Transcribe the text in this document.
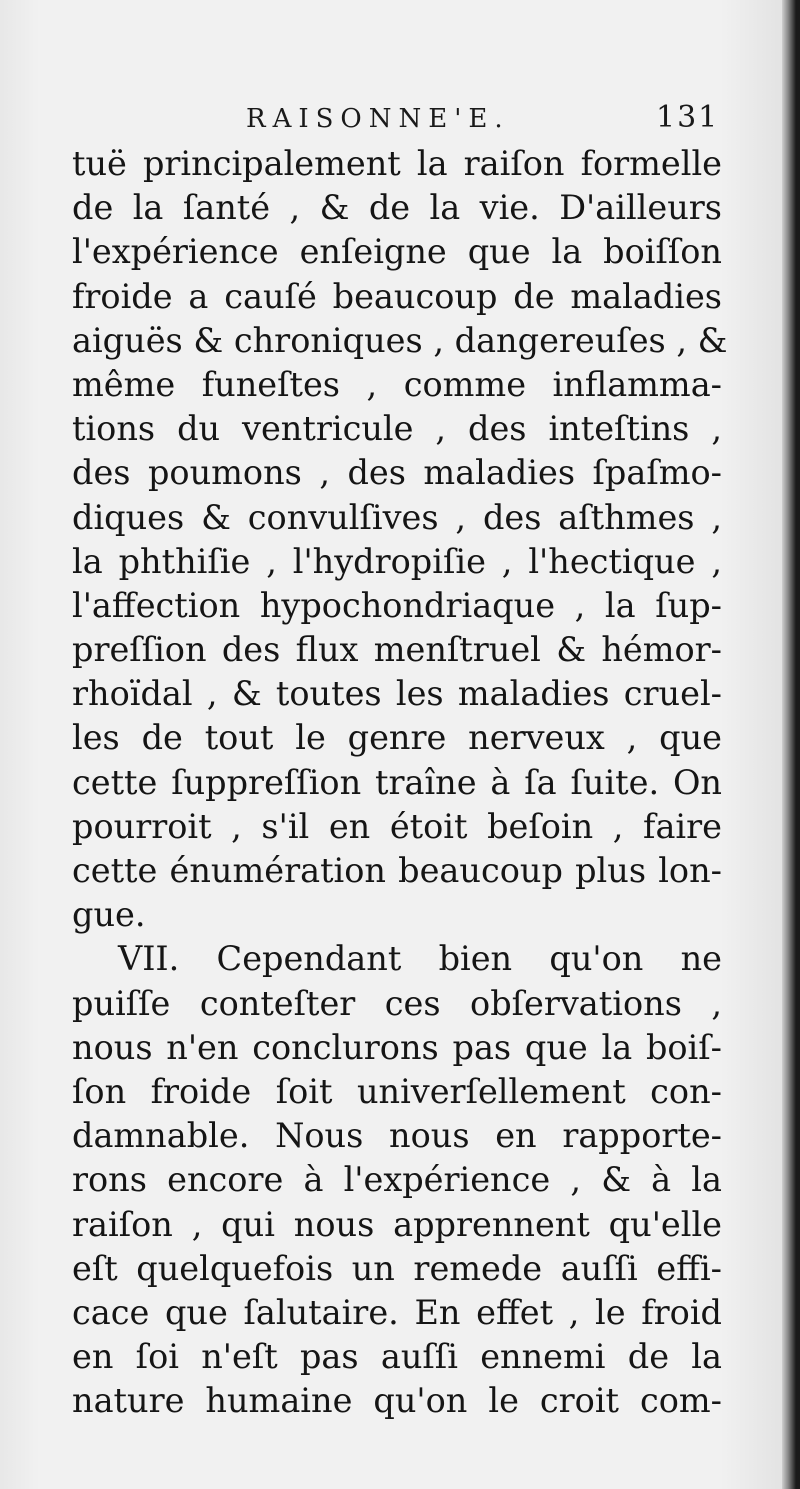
RAISONNE'E.	131
tuë principalement la raiſon formelle
de la ſanté , & de la vie. D'ailleurs
l'expérience enſeigne que la boiſſon
froide a cauſé beaucoup de maladies
aiguës & chroniques , dangereuſes , &
même funeſtes , comme inflamma-
tions du ventricule , des inteſtins ,
des poumons , des maladies ſpaſmo-
diques & convulſives , des aſthmes ,
la phthiſie , l'hydropiſie , l'hectique ,
l'affection hypochondriaque , la ſup-
preſſion des flux menſtruel & hémor-
rhoïdal , & toutes les maladies cruel-
les de tout le genre nerveux , que
cette ſuppreſſion traîne à ſa ſuite. On
pourroit , s'il en étoit beſoin , faire
cette énumération beaucoup plus lon-
gue.
VII. Cependant bien qu'on ne
puiſſe conteſter ces obſervations ,
nous n'en conclurons pas que la boiſ-
ſon froide ſoit univerſellement con-
damnable. Nous nous en rapporte-
rons encore à l'expérience , & à la
raiſon , qui nous apprennent qu'elle
eſt quelquefois un remede auſſi effi-
cace que ſalutaire. En effet , le froid
en ſoi n'eſt pas auſſi ennemi de la
nature humaine qu'on le croit com-
